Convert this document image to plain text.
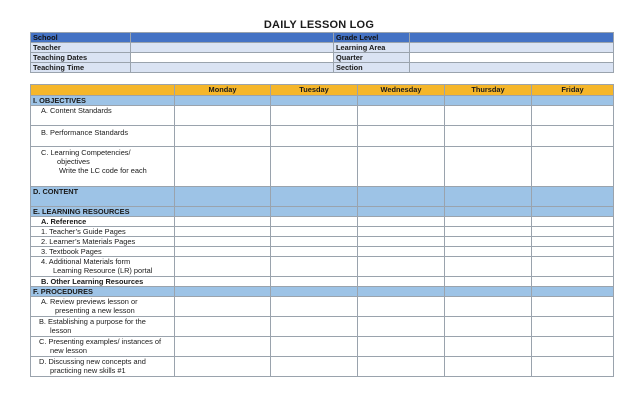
DAILY LESSON LOG
School		Grade Level	
Teacher		Learning Area	
Teaching Dates		Quarter	
Teaching Time		Section	
	Monday	Tuesday	Wednesday	Thursday	Friday
I. OBJECTIVES					
A. Content Standards					
B. Performance Standards					

C. Learning Competencies/
objectives
Write the LC code for each					

D. CONTENT					
E. LEARNING RESOURCES					
A. Reference					
1. Teacher’s Guide Pages					
2. Learner’s Materials Pages					
3. Textbook Pages					

4. Additional Materials form
Learning Resource (LR) portal					

B. Other Learning Resources					
F. PROCEDURES					

A. Review previews lesson or
presenting a new lesson					

B. Establishing a purpose for the
lesson					

C. Presenting examples/ instances of
new lesson					

D. Discussing new concepts and
practicing new skills #1					
